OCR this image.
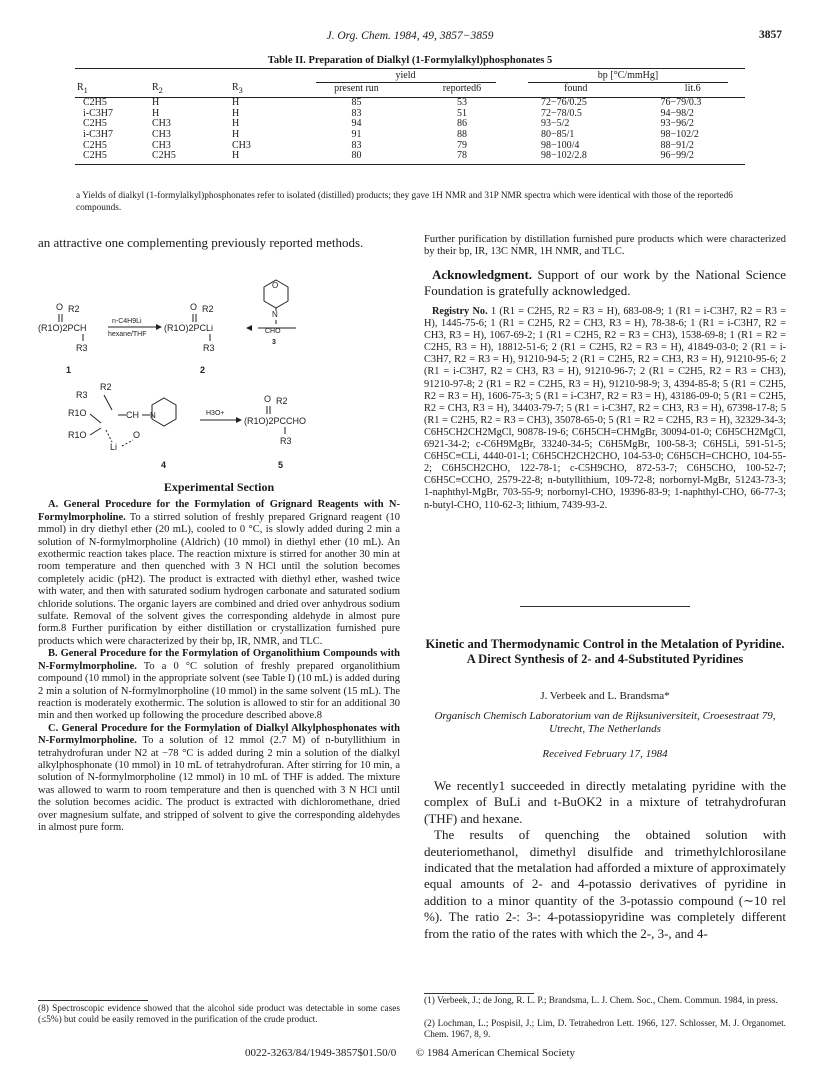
J. Org. Chem. 1984, 49, 3857−3859	3857
Table II. Preparation of Dialkyl (1-Formylalkyl)phosphonates 5
			yield		bp [°C/mmHg]	
$R_1$	$R_2$	$R_3$	present run	reported6	found	lit.6
C2H5	H	H	85	53	72−76/0.25	76−79/0.3
i-C3H7	H	H	83	51	72−78/0.5	94−98/2
C2H5	CH3	H	94	86	93−5/2	93−96/2
i-C3H7	CH3	H	91	88	80−85/1	98−102/2
C2H5	CH3	CH3	83	79	98−100/4	88−91/2
C2H5	C2H5	H	80	78	98−102/2.8	96−99/2
a Yields of dialkyl (1-formylalkyl)phosphonates refer to isolated (distilled) products; they gave 1H NMR and 31P NMR spectra which were identical with those of the reported6 compounds.
an attractive one complementing previously reported methods.
O R2
(R1O)2PCH
R3
1
n-C4H9Li
hexane/THF
O R2
(R1O)2PCLi
R3
2
O
N
CHO
3
R3
R2
R1O
R1O
CH
O
Li
N
4
H3O+
O R2
(R1O)2PCCHO
R3
5
Experimental Section
A. General Procedure for the Formylation of Grignard Reagents with N-Formylmorpholine. To a stirred solution of freshly prepared Grignard reagent (10 mmol) in dry diethyl ether (20 mL), cooled to 0 °C, is slowly added during 2 min a solution of N-formylmorpholine (Aldrich) (10 mmol) in diethyl ether (10 mL). An exothermic reaction takes place. The reaction mixture is stirred for another 30 min at room temperature and then quenched with 3 N HCl until the solution becomes completely acidic (pH2). The product is extracted with diethyl ether, washed twice with water, and then with saturated sodium hydrogen carbonate and saturated sodium chloride solutions. The organic layers are combined and dried over anhydrous sodium sulfate. Removal of the solvent gives the corresponding aldehyde in almost pure form.8 Further purification by either distillation or crystallization furnished pure products which were characterized by their bp, IR, NMR, and TLC.
B. General Procedure for the Formylation of Organolithium Compounds with N-Formylmorpholine. To a 0 °C solution of freshly prepared organolithium compound (10 mmol) in the appropriate solvent (see Table I) (10 mL) is added during 2 min a solution of N-formylmorpholine (10 mmol) in the same solvent (15 mL). The reaction is moderately exothermic. The solution is allowed to stir for an additional 30 min and then worked up following the procedure described above.8
C. General Procedure for the Formylation of Dialkyl Alkylphosphonates with N-Formylmorpholine. To a solution of 12 mmol (2.7 M) of n-butyllithium in tetrahydrofuran under N2 at −78 °C is added during 2 min a solution of the dialkyl alkylphosphonate (10 mmol) in 10 mL of tetrahydrofuran. After stirring for 10 min, a solution of N-formylmorpholine (12 mmol) in 10 mL of THF is added. The mixture was allowed to warm to room temperature and then is quenched with 3 N HCl until the solution becomes acidic. The product is extracted with dichloromethane, dried over magnesium sulfate, and stripped of solvent to give the corresponding aldehydes in almost pure form.
(8) Spectroscopic evidence showed that the alcohol side product was detectable in some cases (≤5%) but could be easily removed in the purification of the crude product.
Further purification by distillation furnished pure products which were characterized by their bp, IR, 13C NMR, 1H NMR, and TLC.
Acknowledgment. Support of our work by the National Science Foundation is gratefully acknowledged.
Registry No. 1 (R1 = C2H5, R2 = R3 = H), 683-08-9; 1 (R1 = i-C3H7, R2 = R3 = H), 1445-75-6; 1 (R1 = C2H5, R2 = CH3, R3 = H), 78-38-6; 1 (R1 = i-C3H7, R2 = CH3, R3 = H), 1067-69-2; 1 (R1 = C2H5, R2 = R3 = CH3), 1538-69-8; 1 (R1 = R2 = C2H5, R3 = H), 18812-51-6; 2 (R1 = C2H5, R2 = R3 = H), 41849-03-0; 2 (R1 = i-C3H7, R2 = R3 = H), 91210-94-5; 2 (R1 = C2H5, R2 = CH3, R3 = H), 91210-95-6; 2 (R1 = i-C3H7, R2 = CH3, R3 = H), 91210-96-7; 2 (R1 = C2H5, R2 = R3 = CH3), 91210-97-8; 2 (R1 = R2 = C2H5, R3 = H), 91210-98-9; 3, 4394-85-8; 5 (R1 = C2H5, R2 = R3 = H), 1606-75-3; 5 (R1 = i-C3H7, R2 = R3 = H), 43186-09-0; 5 (R1 = C2H5, R2 = CH3, R3 = H), 34403-79-7; 5 (R1 = i-C3H7, R2 = CH3, R3 = H), 67398-17-8; 5 (R1 = C2H5, R2 = R3 = CH3), 35078-65-0; 5 (R1 = R2 = C2H5, R3 = H), 32329-34-3; C6H5CH2CH2MgCl, 90878-19-6; C6H5CH=CHMgBr, 30094-01-0; C6H5CH2MgCl, 6921-34-2; c-C6H9MgBr, 33240-34-5; C6H5MgBr, 100-58-3; C6H5Li, 591-51-5; C6H5C≡CLi, 4440-01-1; C6H5CH2CH2CHO, 104-53-0; C6H5CH=CHCHO, 104-55-2; C6H5CH2CHO, 122-78-1; c-C5H9CHO, 872-53-7; C6H5CHO, 100-52-7; C6H5C≡CCHO, 2579-22-8; n-butyllithium, 109-72-8; norbornyl-MgBr, 51243-73-3; 1-naphthyl-MgBr, 703-55-9; norbornyl-CHO, 19396-83-9; 1-naphthyl-CHO, 66-77-3; n-butyl-CHO, 110-62-3; lithium, 7439-93-2.
Kinetic and Thermodynamic Control in the Metalation of Pyridine. A Direct Synthesis of 2- and 4-Substituted Pyridines
J. Verbeek and L. Brandsma*
Organisch Chemisch Laboratorium van de Rijksuniversiteit, Croesestraat 79, Utrecht, The Netherlands
Received February 17, 1984
We recently1 succeeded in directly metalating pyridine with the complex of BuLi and t-BuOK2 in a mixture of tetrahydrofuran (THF) and hexane.
The results of quenching the obtained solution with deuteriomethanol, dimethyl disulfide and trimethylchlorosilane indicated that the metalation had afforded a mixture of approximately equal amounts of 2- and 4-potassio derivatives of pyridine in addition to a minor quantity of the 3-potassio compound (∼10 rel %). The ratio 2-: 3-: 4-potassiopyridine was completely different from the ratio of the rates with which the 2-, 3-, and 4-
(1) Verbeek, J.; de Jong, R. L. P.; Brandsma, L. J. Chem. Soc., Chem. Commun. 1984, in press.
(2) Lochman, L.; Pospisil, J.; Lim, D. Tetrahedron Lett. 1966, 127. Schlosser, M. J. Organomet. Chem. 1967, 8, 9.
0022-3263/84/1949-3857$01.50/0 © 1984 American Chemical Society
